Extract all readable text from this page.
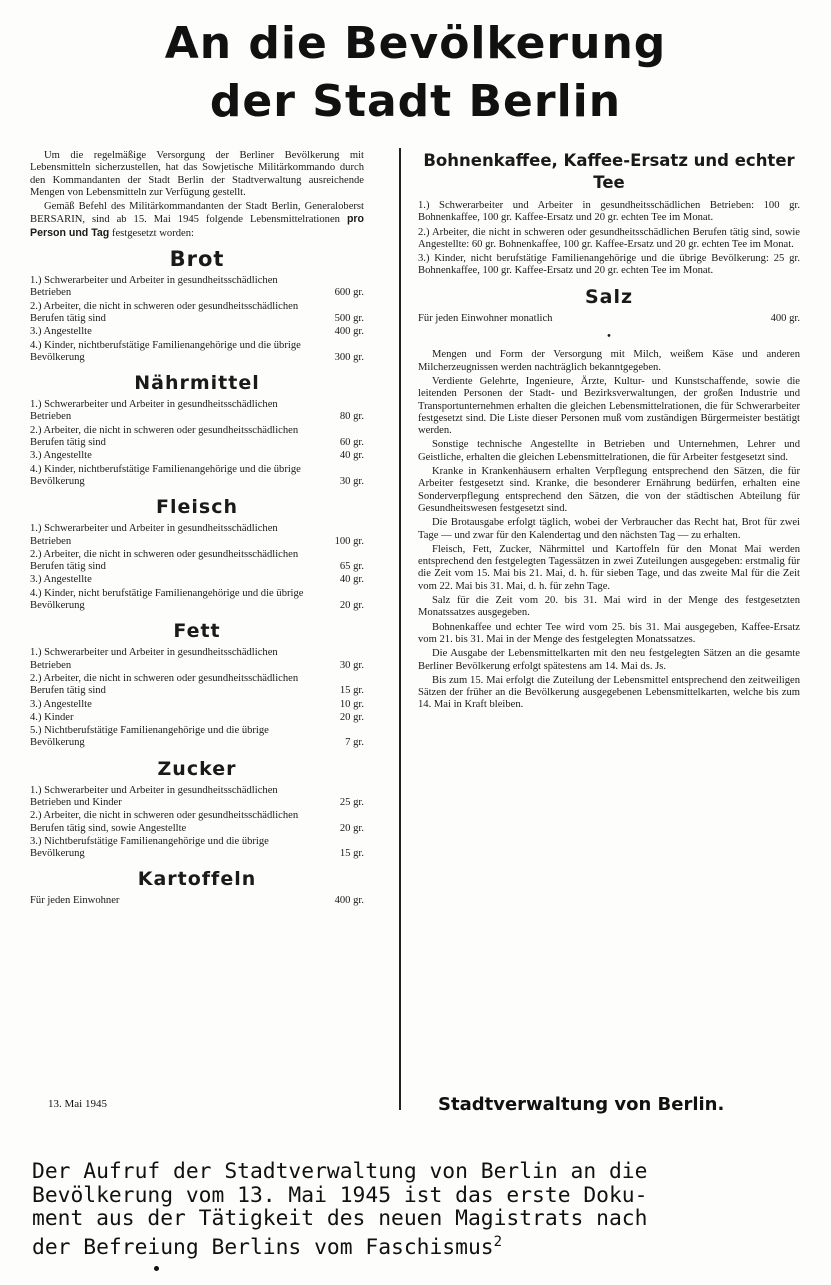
An die Bevölkerung
der Stadt Berlin

Um die regelmäßige Versorgung der Berliner Bevölkerung mit Lebensmitteln sicherzustellen, hat das Sowjetische Militärkommando durch den Kommandanten der Stadt Berlin der Stadtverwaltung ausreichende Mengen von Lebensmitteln zur Verfügung gestellt.

Gemäß Befehl des Militärkommandanten der Stadt Berlin, Generaloberst BERSARIN, sind ab 15. Mai 1945 folgende Lebensmittelrationen pro Person und Tag festgesetzt worden:

Brot
1.) Schwerarbeiter und Arbeiter in gesundheitsschädlichen Betrieben	600 gr.
2.) Arbeiter, die nicht in schweren oder gesundheitsschädlichen Berufen tätig sind	500 gr.
3.) Angestellte	400 gr.
4.) Kinder, nichtberufstätige Familienangehörige und die übrige Bevölkerung	300 gr.
Nährmittel
1.) Schwerarbeiter und Arbeiter in gesundheitsschädlichen Betrieben	80 gr.
2.) Arbeiter, die nicht in schweren oder gesundheitsschädlichen Berufen tätig sind	60 gr.
3.) Angestellte	40 gr.
4.) Kinder, nichtberufstätige Familienangehörige und die übrige Bevölkerung	30 gr.
Fleisch
1.) Schwerarbeiter und Arbeiter in gesundheitsschädlichen Betrieben	100 gr.
2.) Arbeiter, die nicht in schweren oder gesundheitsschädlichen Berufen tätig sind	65 gr.
3.) Angestellte	40 gr.
4.) Kinder, nicht berufstätige Familienangehörige und die übrige Bevölkerung	20 gr.
Fett
1.) Schwerarbeiter und Arbeiter in gesundheitsschädlichen Betrieben	30 gr.
2.) Arbeiter, die nicht in schweren oder gesundheitsschädlichen Berufen tätig sind	15 gr.
3.) Angestellte	10 gr.
4.) Kinder	20 gr.
5.) Nichtberufstätige Familienangehörige und die übrige Bevölkerung	7 gr.
Zucker
1.) Schwerarbeiter und Arbeiter in gesundheitsschädlichen Betrieben und Kinder	25 gr.
2.) Arbeiter, die nicht in schweren oder gesundheitsschädlichen Berufen tätig sind, sowie Angestellte	20 gr.
3.) Nichtberufstätige Familienangehörige und die übrige Bevölkerung	15 gr.
Kartoffeln
Für jeden Einwohner	400 gr.
Bohnenkaffee, Kaffee-Ersatz und echter Tee

1.) Schwerarbeiter und Arbeiter in gesundheitsschädlichen Betrieben: 100 gr. Bohnenkaffee, 100 gr. Kaffee-Ersatz und 20 gr. echten Tee im Monat.

2.) Arbeiter, die nicht in schweren oder gesundheitsschädlichen Berufen tätig sind, sowie Angestellte: 60 gr. Bohnenkaffee, 100 gr. Kaffee-Ersatz und 20 gr. echten Tee im Monat.

3.) Kinder, nicht berufstätige Familienangehörige und die übrige Bevölkerung: 25 gr. Bohnenkaffee, 100 gr. Kaffee-Ersatz und 20 gr. echten Tee im Monat.

Salz
Für jeden Einwohner monatlich	400 gr.
•

Mengen und Form der Versorgung mit Milch, weißem Käse und anderen Milcherzeugnissen werden nachträglich bekanntgegeben.

Verdiente Gelehrte, Ingenieure, Ärzte, Kultur- und Kunstschaffende, sowie die leitenden Personen der Stadt- und Bezirksverwaltungen, der großen Industrie und Transportunternehmen erhalten die gleichen Lebensmittelrationen, die für Schwerarbeiter festgesetzt sind. Die Liste dieser Personen muß vom zuständigen Bürgermeister bestätigt werden.

Sonstige technische Angestellte in Betrieben und Unternehmen, Lehrer und Geistliche, erhalten die gleichen Lebensmittelrationen, die für Arbeiter festgesetzt sind.

Kranke in Krankenhäusern erhalten Verpflegung entsprechend den Sätzen, die für Arbeiter festgesetzt sind. Kranke, die besonderer Ernährung bedürfen, erhalten eine Sonderverpflegung entsprechend den Sätzen, die von der städtischen Abteilung für Gesundheitswesen festgesetzt sind.

Die Brotausgabe erfolgt täglich, wobei der Verbraucher das Recht hat, Brot für zwei Tage — und zwar für den Kalendertag und den nächsten Tag — zu erhalten.

Fleisch, Fett, Zucker, Nährmittel und Kartoffeln für den Monat Mai werden entsprechend den festgelegten Tagessätzen in zwei Zuteilungen ausgegeben: erstmalig für die Zeit vom 15. Mai bis 21. Mai, d. h. für sieben Tage, und das zweite Mal für die Zeit vom 22. Mai bis 31. Mai, d. h. für zehn Tage.

Salz für die Zeit vom 20. bis 31. Mai wird in der Menge des festgesetzten Monatssatzes ausgegeben.

Bohnenkaffee und echter Tee wird vom 25. bis 31. Mai ausgegeben, Kaffee-Ersatz vom 21. bis 31. Mai in der Menge des festgelegten Monatssatzes.

Die Ausgabe der Lebensmittelkarten mit den neu festgelegten Sätzen an die gesamte Berliner Bevölkerung erfolgt spätestens am 14. Mai ds. Js.

Bis zum 15. Mai erfolgt die Zuteilung der Lebensmittel entsprechend den zeitweiligen Sätzen der früher an die Bevölkerung ausgegebenen Lebensmittelkarten, welche bis zum 14. Mai in Kraft bleiben.

13. Mai 1945	Stadtverwaltung von Berlin.
Der Aufruf der Stadtverwaltung von Berlin an die
Bevölkerung vom 13. Mai 1945 ist das erste Doku-
ment aus der Tätigkeit des neuen Magistrats nach
der Befreiung Berlins vom Faschismus$^2$
